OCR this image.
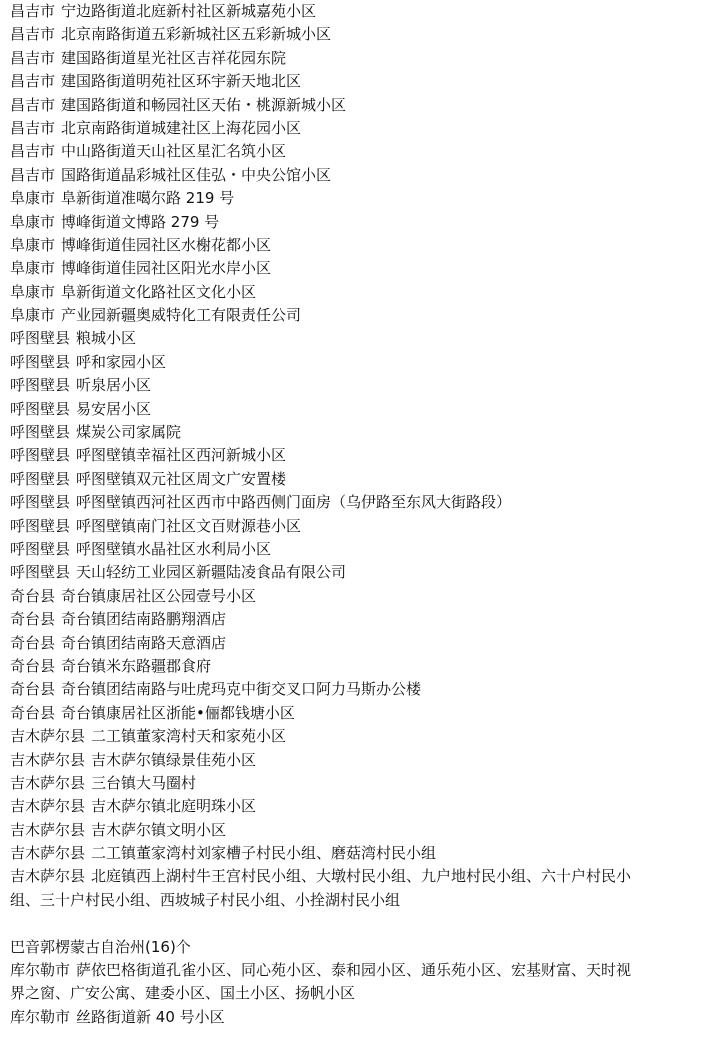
昌吉市 宁边路街道北庭新村社区新城嘉苑小区
昌吉市 北京南路街道五彩新城社区五彩新城小区
昌吉市 建国路街道星光社区吉祥花园东院
昌吉市 建国路街道明苑社区环宇新天地北区
昌吉市 建国路街道和畅园社区天佑・桃源新城小区
昌吉市 北京南路街道城建社区上海花园小区
昌吉市 中山路街道天山社区星汇名筑小区
昌吉市 国路街道晶彩城社区佳弘・中央公馆小区
阜康市 阜新街道准噶尔路 219 号
阜康市 博峰街道文博路 279 号
阜康市 博峰街道佳园社区水榭花都小区
阜康市 博峰街道佳园社区阳光水岸小区
阜康市 阜新街道文化路社区文化小区
阜康市 产业园新疆奥威特化工有限责任公司
呼图壁县 粮城小区
呼图壁县 呼和家园小区
呼图壁县 听泉居小区
呼图壁县 易安居小区
呼图壁县 煤炭公司家属院
呼图壁县 呼图壁镇幸福社区西河新城小区
呼图壁县 呼图壁镇双元社区周文广安置楼
呼图壁县 呼图壁镇西河社区西市中路西侧门面房（乌伊路至东风大街路段）
呼图壁县 呼图壁镇南门社区文百财源巷小区
呼图壁县 呼图壁镇水晶社区水利局小区
呼图壁县 天山轻纺工业园区新疆陆凌食品有限公司
奇台县 奇台镇康居社区公园壹号小区
奇台县 奇台镇团结南路鹏翔酒店
奇台县 奇台镇团结南路天意酒店
奇台县 奇台镇米东路疆郡食府
奇台县 奇台镇团结南路与吐虎玛克中街交叉口阿力马斯办公楼
奇台县 奇台镇康居社区浙能•俪都钱塘小区
吉木萨尔县 二工镇董家湾村天和家苑小区
吉木萨尔县 吉木萨尔镇绿景佳苑小区
吉木萨尔县 三台镇大马圈村
吉木萨尔县 吉木萨尔镇北庭明珠小区
吉木萨尔县 吉木萨尔镇文明小区
吉木萨尔县 二工镇董家湾村刘家槽子村民小组、磨菇湾村民小组
吉木萨尔县 北庭镇西上湖村牛王宫村民小组、大墩村民小组、九户地村民小组、六十户村民小组、三十户村民小组、西坡城子村民小组、小拴湖村民小组
巴音郭楞蒙古自治州(16)个
库尔勒市 萨依巴格街道孔雀小区、同心苑小区、泰和园小区、通乐苑小区、宏基财富、天时视界之窗、广安公寓、建委小区、国土小区、扬帆小区
库尔勒市 丝路街道新 40 号小区
